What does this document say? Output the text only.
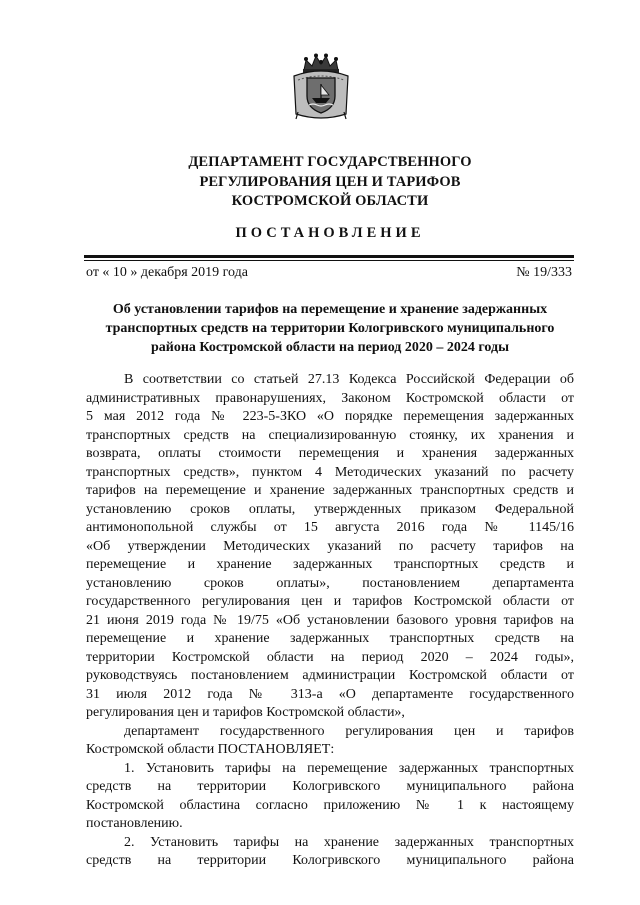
ДЕПАРТАМЕНТ ГОСУДАРСТВЕННОГО
РЕГУЛИРОВАНИЯ ЦЕН И ТАРИФОВ
КОСТРОМСКОЙ ОБЛАСТИ
ПОСТАНОВЛЕНИЕ
от « 10 » декабря 2019 года	№ 19/333
Об установлении тарифов на перемещение и хранение задержанных
транспортных средств на территории Кологривского муниципального
района Костромской области на период 2020 – 2024 годы
В соответствии со статьей 27.13 Кодекса Российской Федерации об
административных правонарушениях, Законом Костромской области от
5 мая 2012 года № 223-5-ЗКО «О порядке перемещения задержанных
транспортных средств на специализированную стоянку, их хранения и
возврата, оплаты стоимости перемещения и хранения задержанных
транспортных средств», пунктом 4 Методических указаний по расчету
тарифов на перемещение и хранение задержанных транспортных средств и
установлению сроков оплаты, утвержденных приказом Федеральной
антимонопольной службы от 15 августа 2016 года № 1145/16
«Об утверждении Методических указаний по расчету тарифов на
перемещение и хранение задержанных транспортных средств и
установлению сроков оплаты», постановлением департамента
государственного регулирования цен и тарифов Костромской области от
21 июня 2019 года № 19/75 «Об установлении базового уровня тарифов на
перемещение и хранение задержанных транспортных средств на
территории Костромской области на период 2020 – 2024 годы»,
руководствуясь постановлением администрации Костромской области от
31 июля 2012 года № 313-а «О департаменте государственного
регулирования цен и тарифов Костромской области»,
департамент государственного регулирования цен и тарифов
Костромской области ПОСТАНОВЛЯЕТ:
1. Установить тарифы на перемещение задержанных транспортных
средств на территории Кологривского муниципального района
Костромской областина согласно приложению № 1 к настоящему
постановлению.
2. Установить тарифы на хранение задержанных транспортных
средств на территории Кологривского муниципального района
